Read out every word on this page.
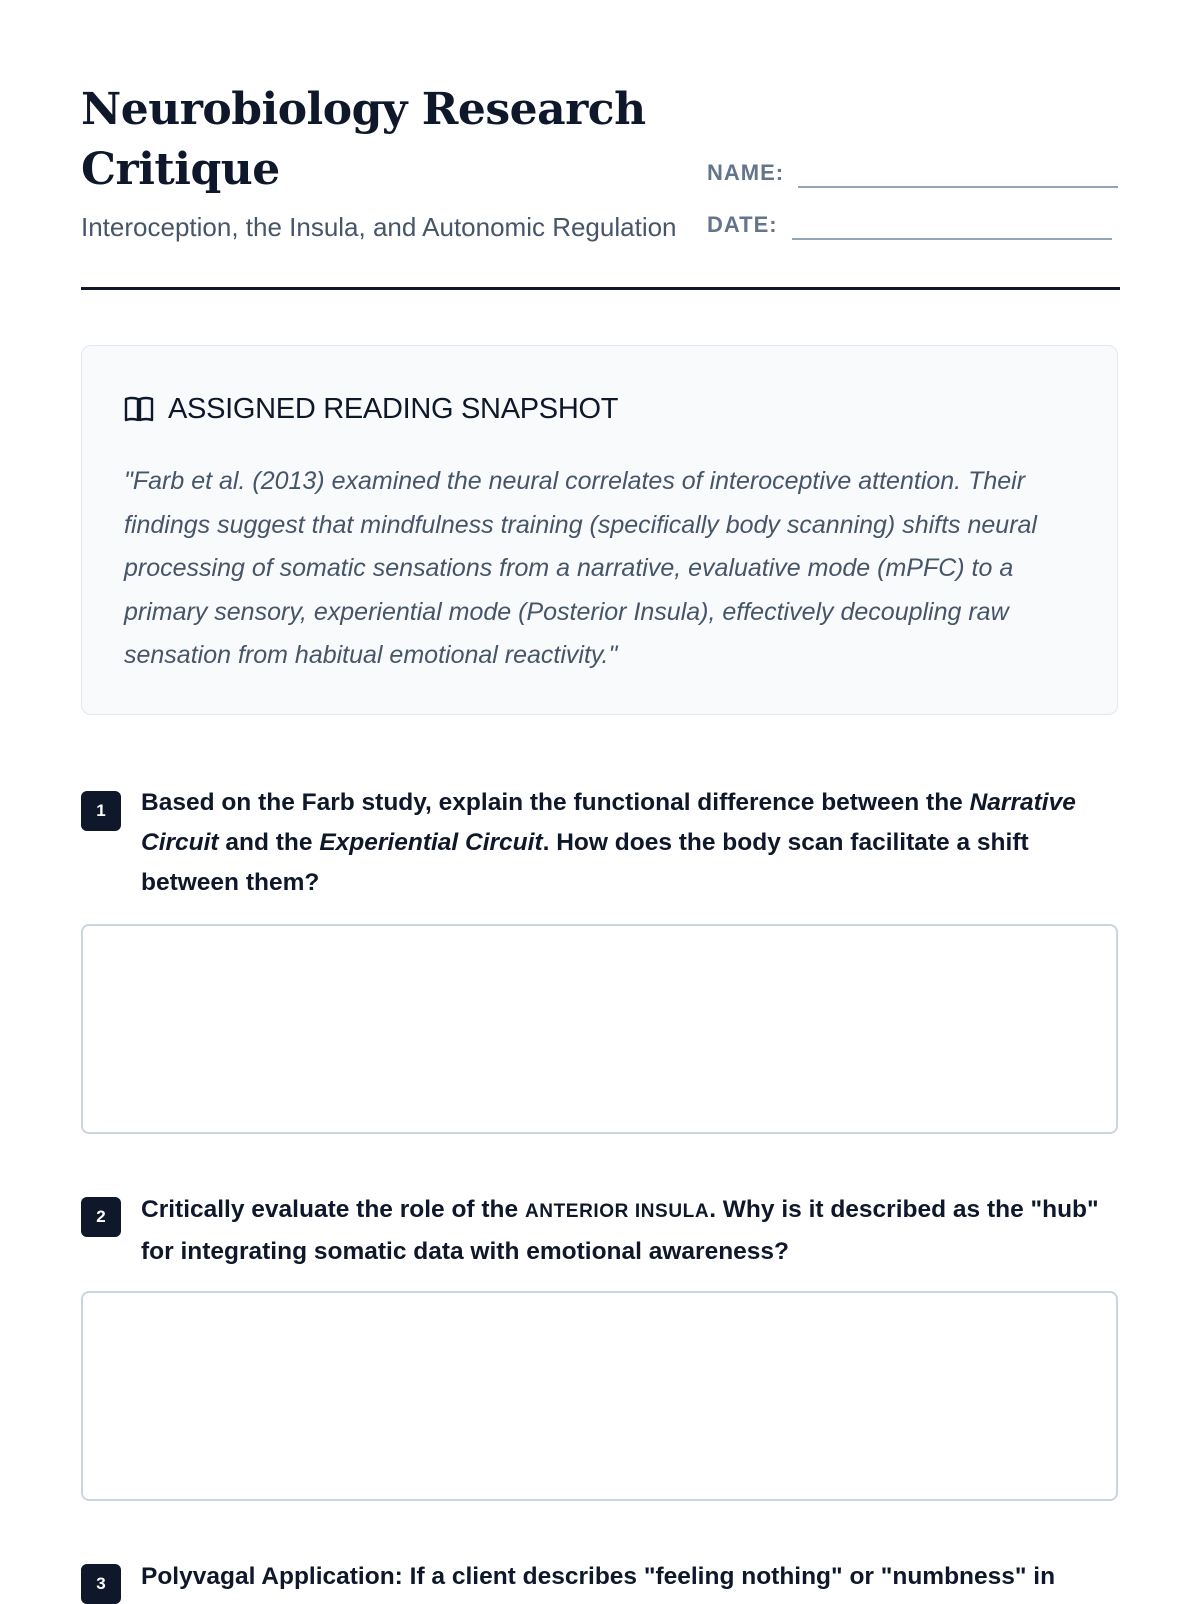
Neurobiology Research Critique

Interoception, the Insula, and Autonomic Regulation

NAME:
DATE:
ASSIGNED READING SNAPSHOT

"Farb et al. (2013) examined the neural correlates of interoceptive attention. Their findings suggest that mindfulness training (specifically body scanning) shifts neural processing of somatic sensations from a narrative, evaluative mode (mPFC) to a primary sensory, experiential mode (Posterior Insula), effectively decoupling raw sensation from habitual emotional reactivity."

1	Based on the Farb study, explain the functional difference between the Narrative Circuit and the Experiential Circuit. How does the body scan facilitate a shift between them?

2	Critically evaluate the role of the ANTERIOR INSULA. Why is it described as the "hub" for integrating somatic data with emotional awareness?

3	Polyvagal Application: If a client describes "feeling nothing" or "numbness" in
